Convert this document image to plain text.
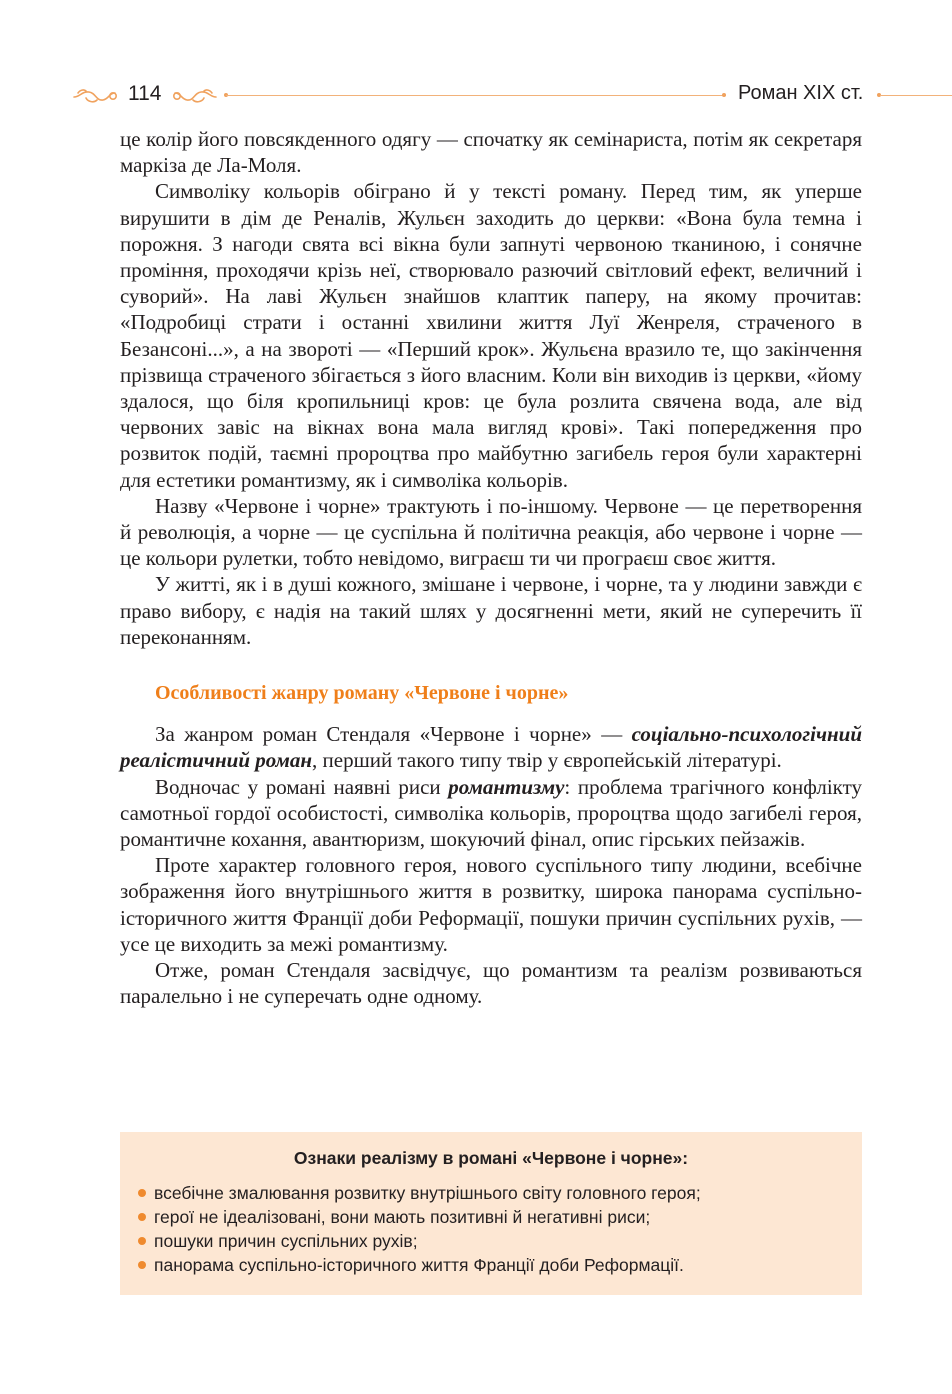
114	Роман XIX ст.

це колір його повсякденного одягу — спочатку як семінариста, потім як секретаря маркіза де Ла-Моля.

Символіку кольорів обіграно й у тексті роману. Перед тим, як уперше вирушити в дім де Реналів, Жульєн заходить до церкви: «Вона була темна і порожня. З нагоди свята всі вікна були запнуті червоною тканиною, і сонячне проміння, проходячи крізь неї, створювало разючий світловий ефект, величний і суворий». На лаві Жульєн знайшов клаптик паперу, на якому прочитав: «Подробиці страти і останні хвилини життя Луї Женреля, страченого в Безансоні...», а на звороті — «Перший крок». Жульєна вразило те, що закінчення прізвища страченого збігається з його власним. Коли він виходив із церкви, «йому здалося, що біля кропильниці кров: це була розлита свячена вода, але від червоних завіс на вікнах вона мала вигляд крові». Такі попередження про розвиток подій, таємні пророцтва про майбутню загибель героя були характерні для естетики романтизму, як і символіка кольорів.

Назву «Червоне і чорне» трактують і по-іншому. Червоне — це перетворення й революція, а чорне — це суспільна й політична реакція, або червоне і чорне — це кольори рулетки, тобто невідомо, виграєш ти чи програєш своє життя.

У житті, як і в душі кожного, змішане і червоне, і чорне, та у людини завжди є право вибору, є надія на такий шлях у досягненні мети, який не суперечить її переконанням.

Особливості жанру роману «Червоне і чорне»

За жанром роман Стендаля «Червоне і чорне» — соціально-психологічний реалістичний роман, перший такого типу твір у європейській літературі.

Водночас у романі наявні риси романтизму: проблема трагічного конфлікту самотньої гордої особистості, символіка кольорів, пророцтва щодо загибелі героя, романтичне кохання, авантюризм, шокуючий фінал, опис гірських пейзажів.

Проте характер головного героя, нового суспільного типу людини, всебічне зображення його внутрішнього життя в розвитку, широка панорама суспільно-історичного життя Франції доби Реформації, пошуки причин суспільних рухів, — усе це виходить за межі романтизму.

Отже, роман Стендаля засвідчує, що романтизм та реалізм розвиваються паралельно і не суперечать одне одному.

Ознаки реалізму в романі «Червоне і чорне»:
всебічне змалювання розвитку внутрішнього світу головного героя;
герої не ідеалізовані, вони мають позитивні й негативні риси;
пошуки причин суспільних рухів;
панорама суспільно-історичного життя Франції доби Реформації.
